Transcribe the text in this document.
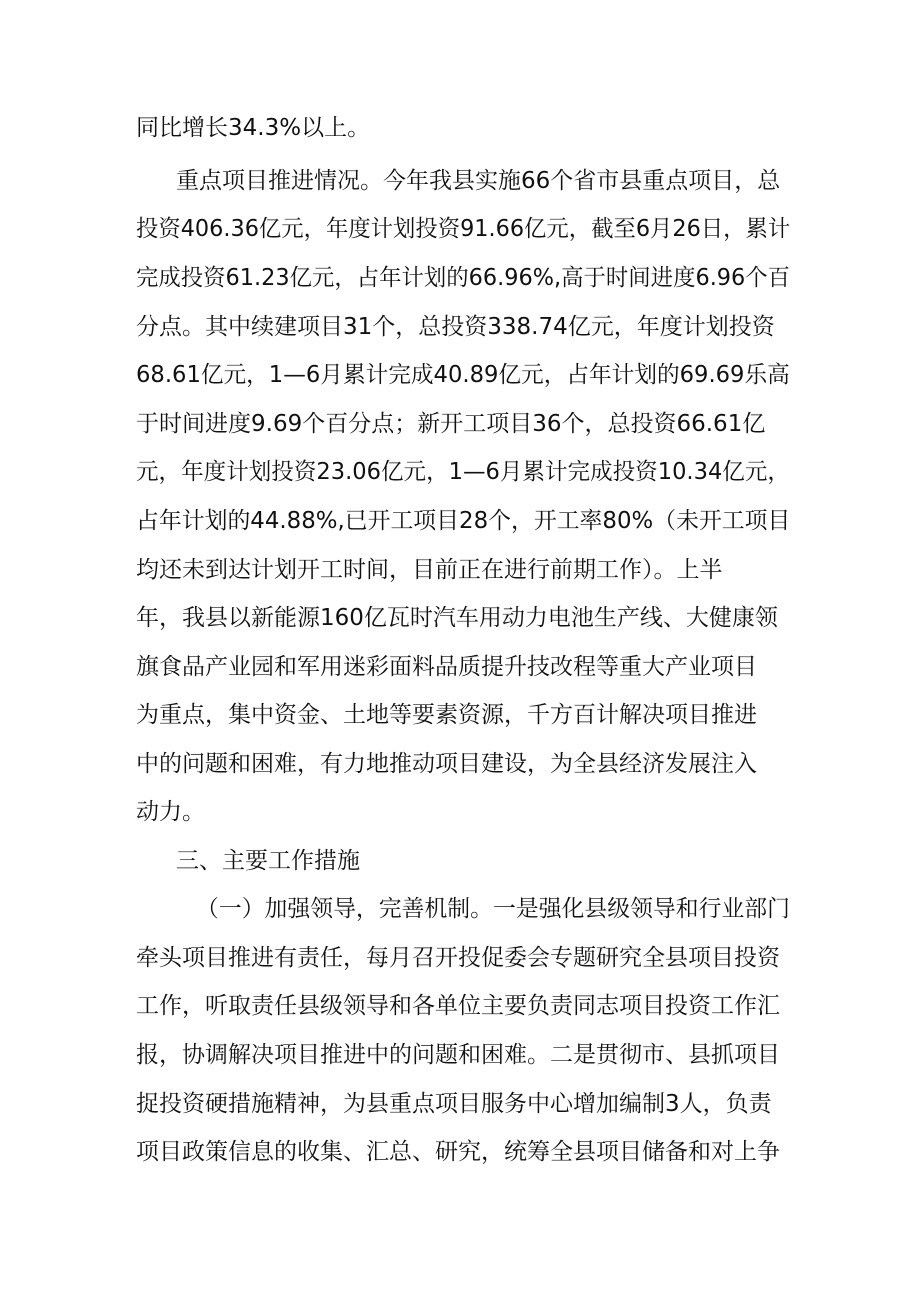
同比增长34.3%以上。

重点项目推进情况。今年我县实施66个省市县重点项目，总

投资406.36亿元，年度计划投资91.66亿元，截至6月26日，累计

完成投资61.23亿元，占年计划的66.96%,高于时间进度6.96个百

分点。其中续建项目31个，总投资338.74亿元，年度计划投资

68.61亿元，1—6月累计完成40.89亿元，占年计划的69.69乐高

于时间进度9.69个百分点；新开工项目36个，总投资66.61亿

元，年度计划投资23.06亿元，1—6月累计完成投资10.34亿元，

占年计划的44.88%,已开工项目28个，开工率80%（未开工项目

均还未到达计划开工时间，目前正在进行前期工作）。上半

年，我县以新能源160亿瓦时汽车用动力电池生产线、大健康领

旗食品产业园和军用迷彩面料品质提升技改程等重大产业项目

为重点，集中资金、土地等要素资源，千方百计解决项目推进

中的问题和困难，有力地推动项目建设，为全县经济发展注入

动力。

三、主要工作措施

（一）加强领导，完善机制。一是强化县级领导和行业部门

牵头项目推进有责任，每月召开投促委会专题研究全县项目投资

工作，听取责任县级领导和各单位主要负责同志项目投资工作汇

报，协调解决项目推进中的问题和困难。二是贯彻市、县抓项目

捉投资硬措施精神，为县重点项目服务中心增加编制3人，负责

项目政策信息的收集、汇总、研究，统筹全县项目储备和对上争
